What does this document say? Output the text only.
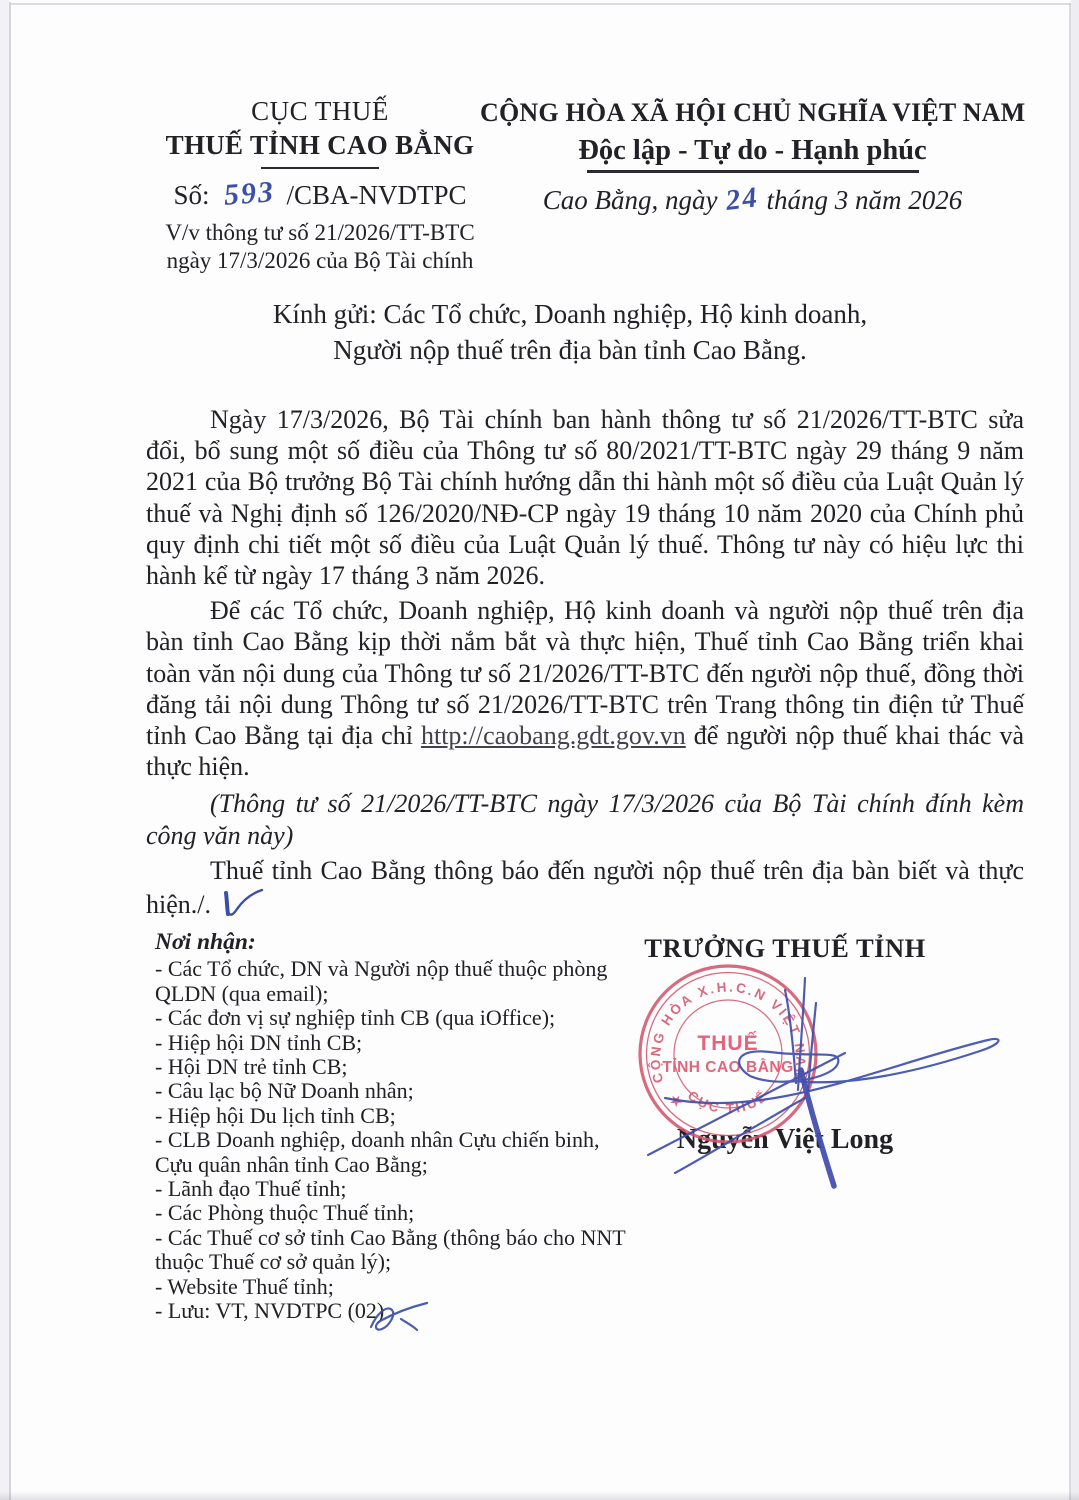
CỤC THUẾ
THUẾ TỈNH CAO BẰNG
Số: 593 /CBA-NVDTPC
V/v thông tư số 21/2026/TT-BTC
ngày 17/3/2026 của Bộ Tài chính
CỘNG HÒA XÃ HỘI CHỦ NGHĨA VIỆT NAM
Độc lập - Tự do - Hạnh phúc
Cao Bằng, ngày 24 tháng 3 năm 2026
Kính gửi: Các Tổ chức, Doanh nghiệp, Hộ kinh doanh,
Người nộp thuế trên địa bàn tỉnh Cao Bằng.

Ngày 17/3/2026, Bộ Tài chính ban hành thông tư số 21/2026/TT-BTC sửa đổi, bổ sung một số điều của Thông tư số 80/2021/TT-BTC ngày 29 tháng 9 năm 2021 của Bộ trưởng Bộ Tài chính hướng dẫn thi hành một số điều của Luật Quản lý thuế và Nghị định số 126/2020/NĐ-CP ngày 19 tháng 10 năm 2020 của Chính phủ quy định chi tiết một số điều của Luật Quản lý thuế. Thông tư này có hiệu lực thi hành kể từ ngày 17 tháng 3 năm 2026.

Để các Tổ chức, Doanh nghiệp, Hộ kinh doanh và người nộp thuế trên địa bàn tỉnh Cao Bằng kịp thời nắm bắt và thực hiện, Thuế tỉnh Cao Bằng triển khai toàn văn nội dung của Thông tư số 21/2026/TT-BTC đến người nộp thuế, đồng thời đăng tải nội dung Thông tư số 21/2026/TT-BTC trên Trang thông tin điện tử Thuế tỉnh Cao Bằng tại địa chỉ http://caobang.gdt.gov.vn để người nộp thuế khai thác và thực hiện.

(Thông tư số 21/2026/TT-BTC ngày 17/3/2026 của Bộ Tài chính đính kèm công văn này)

Thuế tỉnh Cao Bằng thông báo đến người nộp thuế trên địa bàn biết và thực hiện./.

Nơi nhận:
- Các Tổ chức, DN và Người nộp thuế thuộc phòng QLDN (qua email);
- Các đơn vị sự nghiệp tỉnh CB (qua iOffice);
- Hiệp hội DN tỉnh CB;
- Hội DN trẻ tỉnh CB;
- Câu lạc bộ Nữ Doanh nhân;
- Hiệp hội Du lịch tỉnh CB;
- CLB Doanh nghiệp, doanh nhân Cựu chiến binh, Cựu quân nhân tỉnh Cao Bằng;
- Lãnh đạo Thuế tỉnh;
- Các Phòng thuộc Thuế tỉnh;
- Các Thuế cơ sở tỉnh Cao Bằng (thông báo cho NNT thuộc Thuế cơ sở quản lý);
- Website Thuế tỉnh;
- Lưu: VT, NVDTPC (02)
TRƯỞNG THUẾ TỈNH
Nguyễn Việt Long
CỘNG HÒA X.H.C.N VIỆT NAM
CỤC THUẾ
★
THUẾ
TỈNH CAO BẰNG
